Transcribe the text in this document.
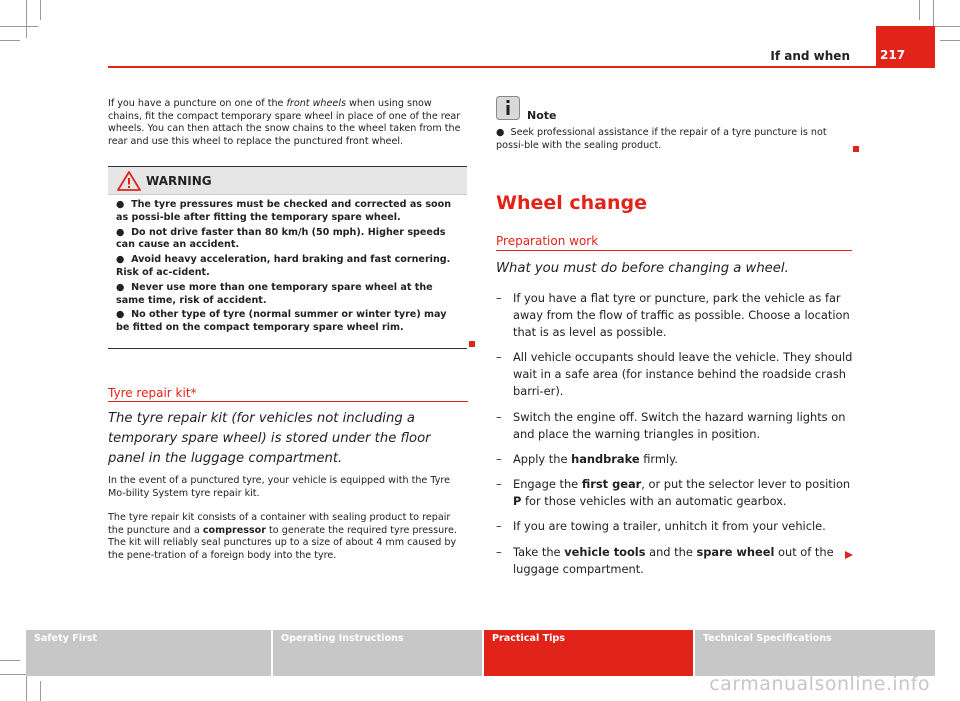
217
If and when
If you have a puncture on one of the front wheels when using snow chains, fit the compact temporary spare wheel in place of one of the rear wheels. You can then attach the snow chains to the wheel taken from the rear and use this wheel to replace the punctured front wheel.
WARNING

●  The tyre pressures must be checked and corrected as soon as possi-ble after fitting the temporary spare wheel.

●  Do not drive faster than 80 km/h (50 mph). Higher speeds can cause an accident.

●  Avoid heavy acceleration, hard braking and fast cornering. Risk of ac-cident.

●  Never use more than one temporary spare wheel at the same time, risk of accident.

●  No other type of tyre (normal summer or winter tyre) may be fitted on the compact temporary spare wheel rim.

Tyre repair kit*
The tyre repair kit (for vehicles not including a temporary spare wheel) is stored under the floor panel in the luggage compartment.
In the event of a punctured tyre, your vehicle is equipped with the Tyre Mo-bility System tyre repair kit.
The tyre repair kit consists of a container with sealing product to repair the puncture and a compressor to generate the required tyre pressure. The kit will reliably seal punctures up to a size of about 4 mm caused by the pene-tration of a foreign body into the tyre.
Note
●  Seek professional assistance if the repair of a tyre puncture is not possi-ble with the sealing product.
Wheel change
Preparation work
What you must do before changing a wheel.
– If you have a flat tyre or puncture, park the vehicle as far away from the flow of traffic as possible. Choose a location that is as level as possible.
– All vehicle occupants should leave the vehicle. They should wait in a safe area (for instance behind the roadside crash barri-er).
– Switch the engine off. Switch the hazard warning lights on and place the warning triangles in position.
– Apply the handbrake firmly.
– Engage the first gear, or put the selector lever to position P for those vehicles with an automatic gearbox.
– If you are towing a trailer, unhitch it from your vehicle.
– Take the vehicle tools and the spare wheel out of the luggage compartment.
Safety First	Operating Instructions	Practical Tips	Technical Specifications
carmanualsonline.info
